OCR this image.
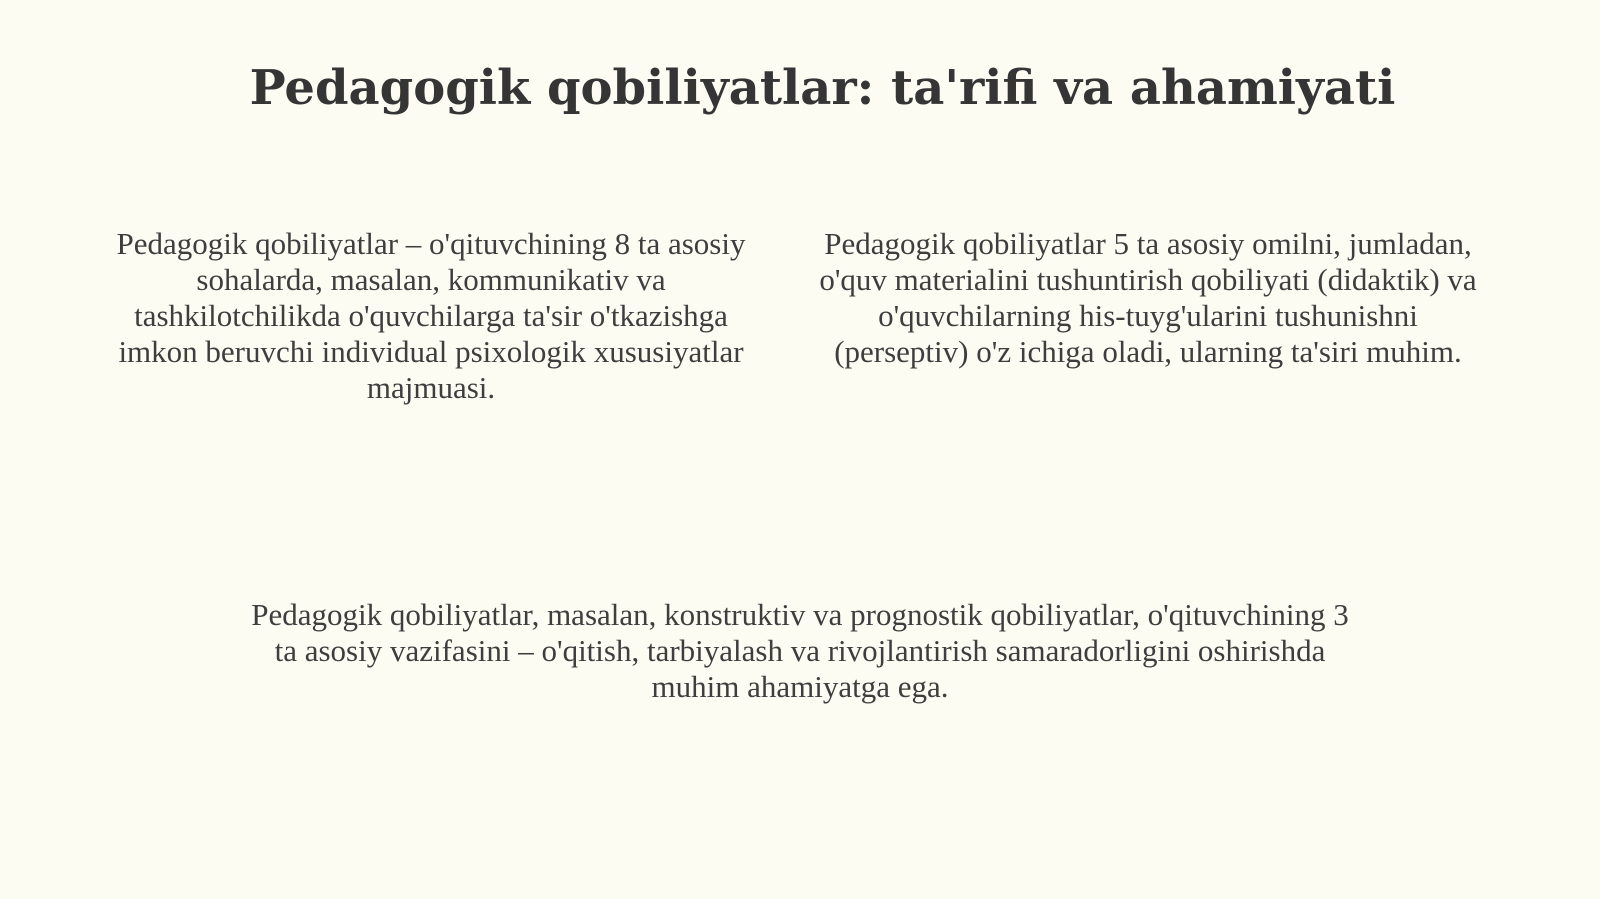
Pedagogik qobiliyatlar: ta'rifi va ahamiyati

Pedagogik qobiliyatlar – o'qituvchining 8 ta asosiy sohalarda, masalan, kommunikativ va tashkilotchilikda o'quvchilarga ta'sir o'tkazishga imkon beruvchi individual psixologik xususiyatlar majmuasi.

Pedagogik qobiliyatlar 5 ta asosiy omilni, jumladan, o'quv materialini tushuntirish qobiliyati (didaktik) va o'quvchilarning his-tuyg'ularini tushunishni (perseptiv) o'z ichiga oladi, ularning ta'siri muhim.

Pedagogik qobiliyatlar, masalan, konstruktiv va prognostik qobiliyatlar, o'qituvchining 3 ta asosiy vazifasini – o'qitish, tarbiyalash va rivojlantirish samaradorligini oshirishda muhim ahamiyatga ega.
